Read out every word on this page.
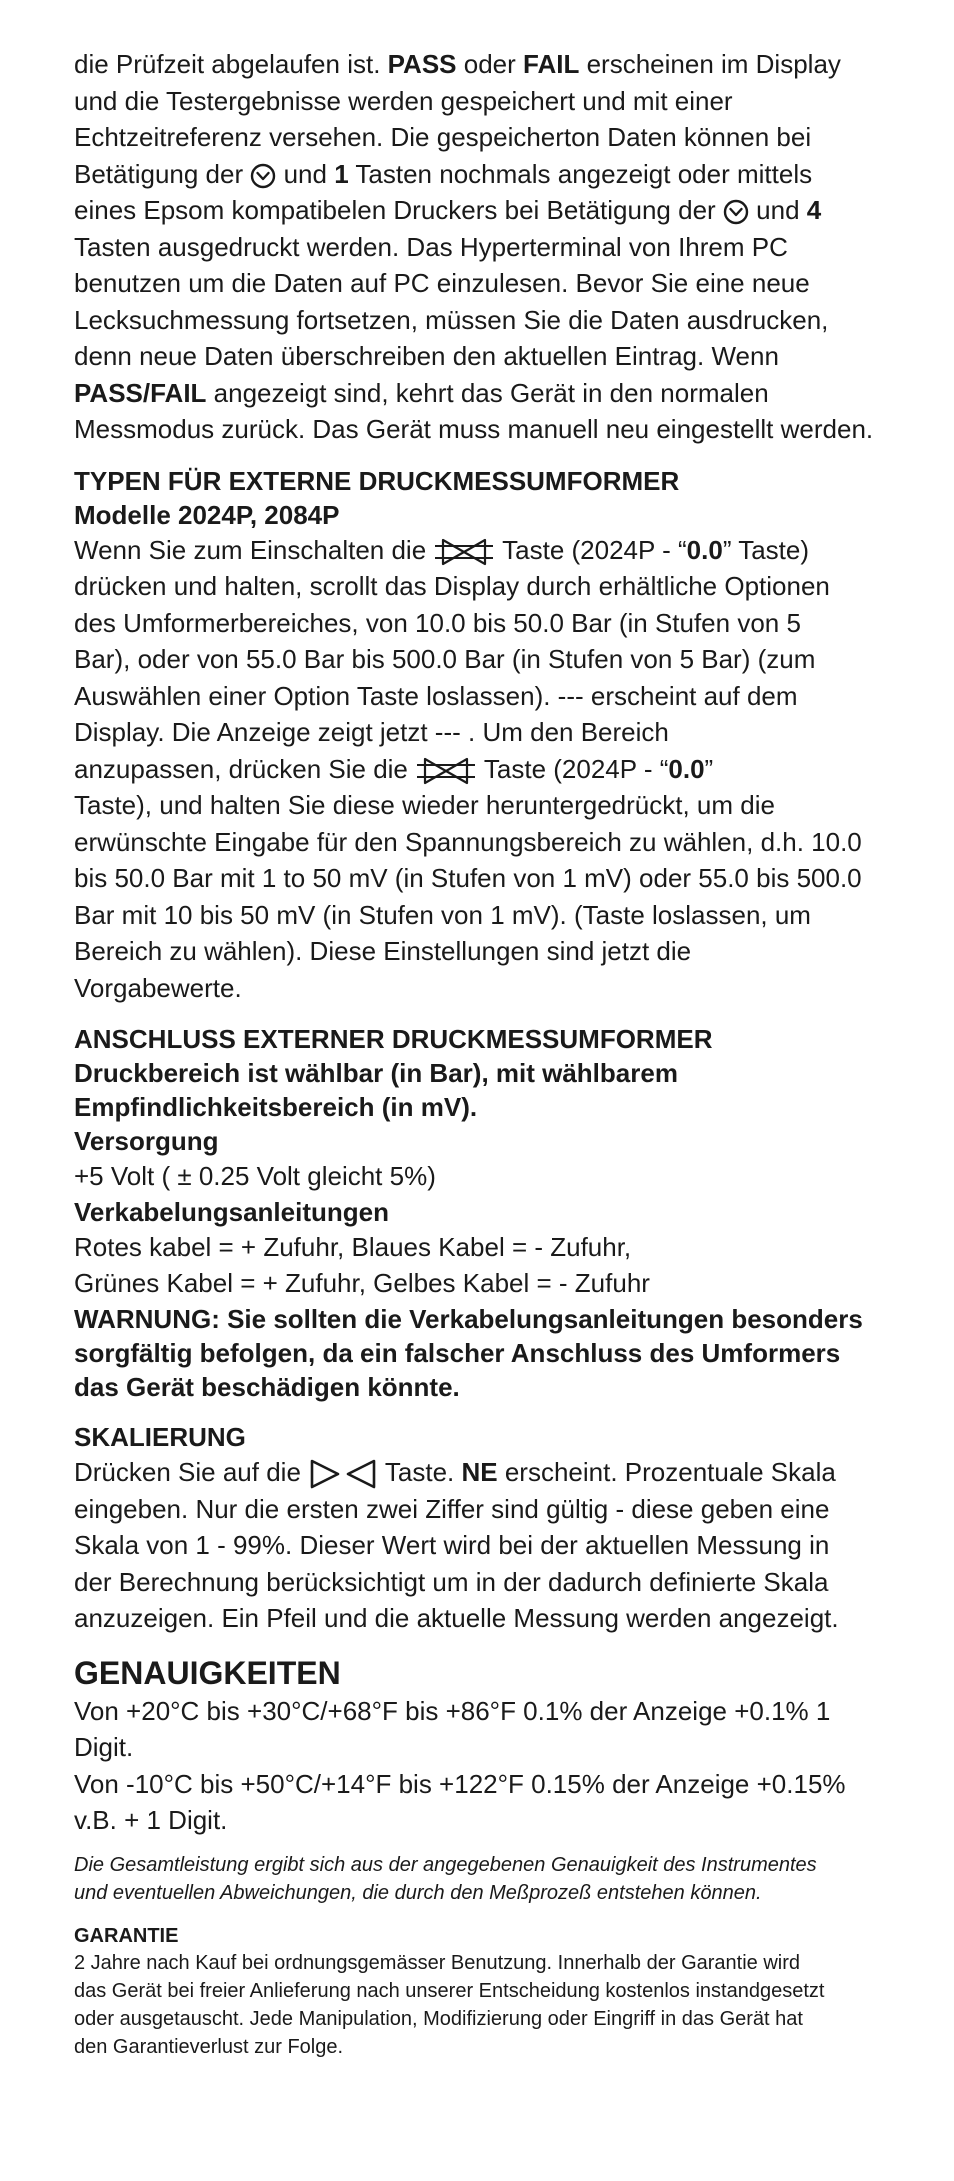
die Prüfzeit abgelaufen ist. PASS oder FAIL erscheinen im Display

und die Testergebnisse werden gespeichert und mit einer

Echtzeitreferenz versehen. Die gespeicherton Daten können bei

Betätigung der
und 1 Tasten nochmals angezeigt oder mittels

eines Epsom kompatibelen Druckers bei Betätigung der
und 4

Tasten ausgedruckt werden. Das Hyperterminal von Ihrem PC

benutzen um die Daten auf PC einzulesen. Bevor Sie eine neue

Lecksuchmessung fortsetzen, müssen Sie die Daten ausdrucken,

denn neue Daten überschreiben den aktuellen Eintrag. Wenn

PASS/FAIL angezeigt sind, kehrt das Gerät in den normalen

Messmodus zurück. Das Gerät muss manuell neu eingestellt werden.

TYPEN FÜR EXTERNE DRUCKMESSUMFORMER
Modelle 2024P, 2084P

Wenn Sie zum Einschalten die
Taste (2024P - “0.0” Taste)

drücken und halten, scrollt das Display durch erhältliche Optionen

des Umformerbereiches, von 10.0 bis 50.0 Bar (in Stufen von 5

Bar), oder von 55.0 Bar bis 500.0 Bar (in Stufen von 5 Bar) (zum

Auswählen einer Option Taste loslassen). --- erscheint auf dem

Display. Die Anzeige zeigt jetzt --- . Um den Bereich

anzupassen, drücken Sie die
Taste (2024P - “0.0”

Taste), und halten Sie diese wieder heruntergedrückt, um die

erwünschte Eingabe für den Spannungsbereich zu wählen, d.h. 10.0

bis 50.0 Bar mit 1 to 50 mV (in Stufen von 1 mV) oder 55.0 bis 500.0

Bar mit 10 bis 50 mV (in Stufen von 1 mV). (Taste loslassen, um

Bereich zu wählen). Diese Einstellungen sind jetzt die

Vorgabewerte.

ANSCHLUSS EXTERNER DRUCKMESSUMFORMER
Druckbereich ist wählbar (in Bar), mit wählbarem
Empfindlichkeitsbereich (in mV).
Versorgung

+5 Volt ( ± 0.25 Volt gleicht 5%)

Verkabelungsanleitungen

Rotes kabel = + Zufuhr, Blaues Kabel = - Zufuhr,

Grünes Kabel = + Zufuhr, Gelbes Kabel = - Zufuhr

WARNUNG: Sie sollten die Verkabelungsanleitungen besonders
sorgfältig befolgen, da ein falscher Anschluss des Umformers
das Gerät beschädigen könnte.
SKALIERUNG

Drücken Sie auf die	Taste. NE erscheint. Prozentuale Skala

eingeben. Nur die ersten zwei Ziffer sind gültig - diese geben eine

Skala von 1 - 99%. Dieser Wert wird bei der aktuellen Messung in

der Berechnung berücksichtigt um in der dadurch definierte Skala

anzuzeigen. Ein Pfeil und die aktuelle Messung werden angezeigt.

GENAUIGKEITEN

Von +20°C bis +30°C/+68°F bis +86°F 0.1% der Anzeige +0.1% 1

Digit.

Von -10°C bis +50°C/+14°F bis +122°F 0.15% der Anzeige +0.15%

v.B. + 1 Digit.

Die Gesamtleistung ergibt sich aus der angegebenen Genauigkeit des Instrumentes

und eventuellen Abweichungen, die durch den Meßprozeß entstehen können.

GARANTIE

2 Jahre nach Kauf bei ordnungsgemässer Benutzung. Innerhalb der Garantie wird

das Gerät bei freier Anlieferung nach unserer Entscheidung kostenlos instandgesetzt

oder ausgetauscht. Jede Manipulation, Modifizierung oder Eingriff in das Gerät hat

den Garantieverlust zur Folge.
